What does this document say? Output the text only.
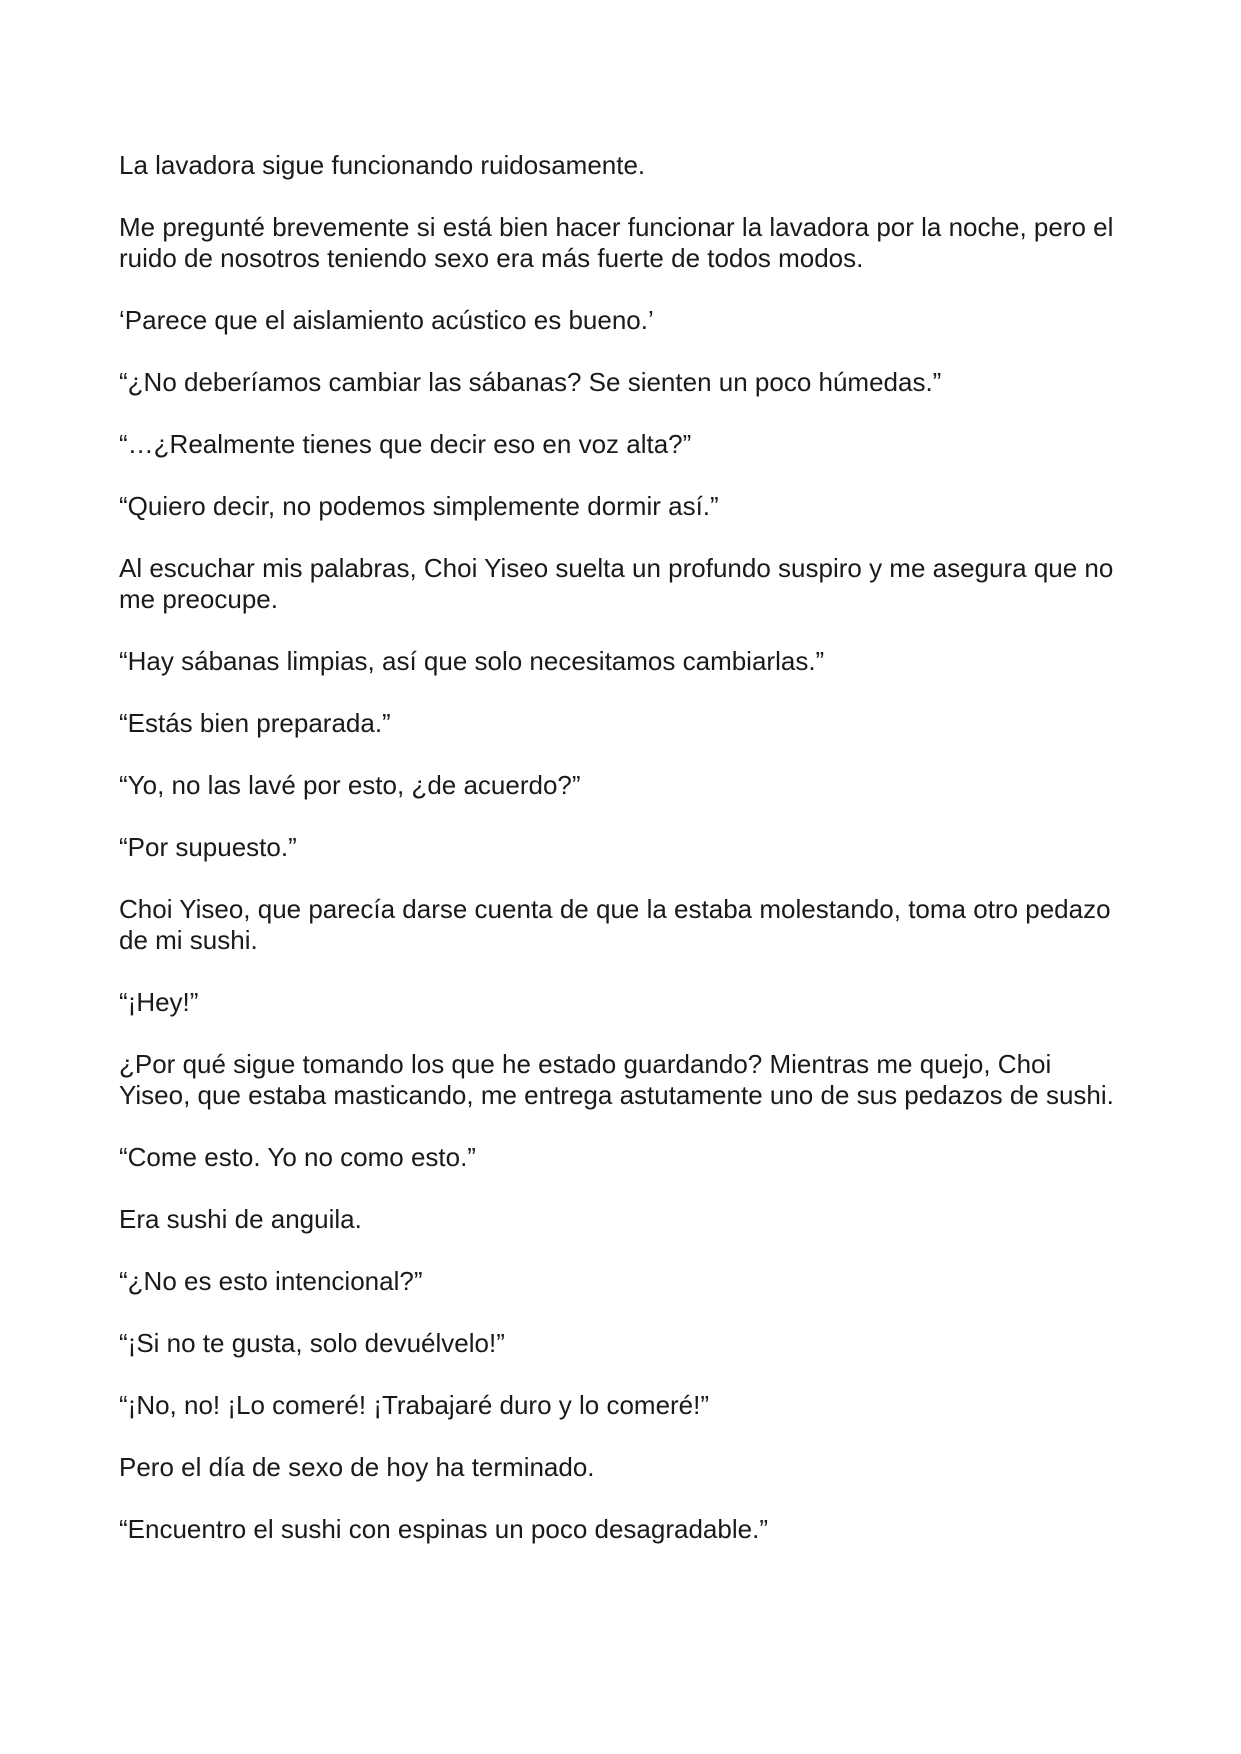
La lavadora sigue funcionando ruidosamente.

Me pregunté brevemente si está bien hacer funcionar la lavadora por la noche, pero el ruido de nosotros teniendo sexo era más fuerte de todos modos.

‘Parece que el aislamiento acústico es bueno.’

“¿No deberíamos cambiar las sábanas? Se sienten un poco húmedas.”

“…¿Realmente tienes que decir eso en voz alta?”

“Quiero decir, no podemos simplemente dormir así.”

Al escuchar mis palabras, Choi Yiseo suelta un profundo suspiro y me asegura que no me preocupe.

“Hay sábanas limpias, así que solo necesitamos cambiarlas.”

“Estás bien preparada.”

“Yo, no las lavé por esto, ¿de acuerdo?”

“Por supuesto.”

Choi Yiseo, que parecía darse cuenta de que la estaba molestando, toma otro pedazo de mi sushi.

“¡Hey!”

¿Por qué sigue tomando los que he estado guardando? Mientras me quejo, Choi Yiseo, que estaba masticando, me entrega astutamente uno de sus pedazos de sushi.

“Come esto. Yo no como esto.”

Era sushi de anguila.

“¿No es esto intencional?”

“¡Si no te gusta, solo devuélvelo!”

“¡No, no! ¡Lo comeré! ¡Trabajaré duro y lo comeré!”

Pero el día de sexo de hoy ha terminado.

“Encuentro el sushi con espinas un poco desagradable.”
